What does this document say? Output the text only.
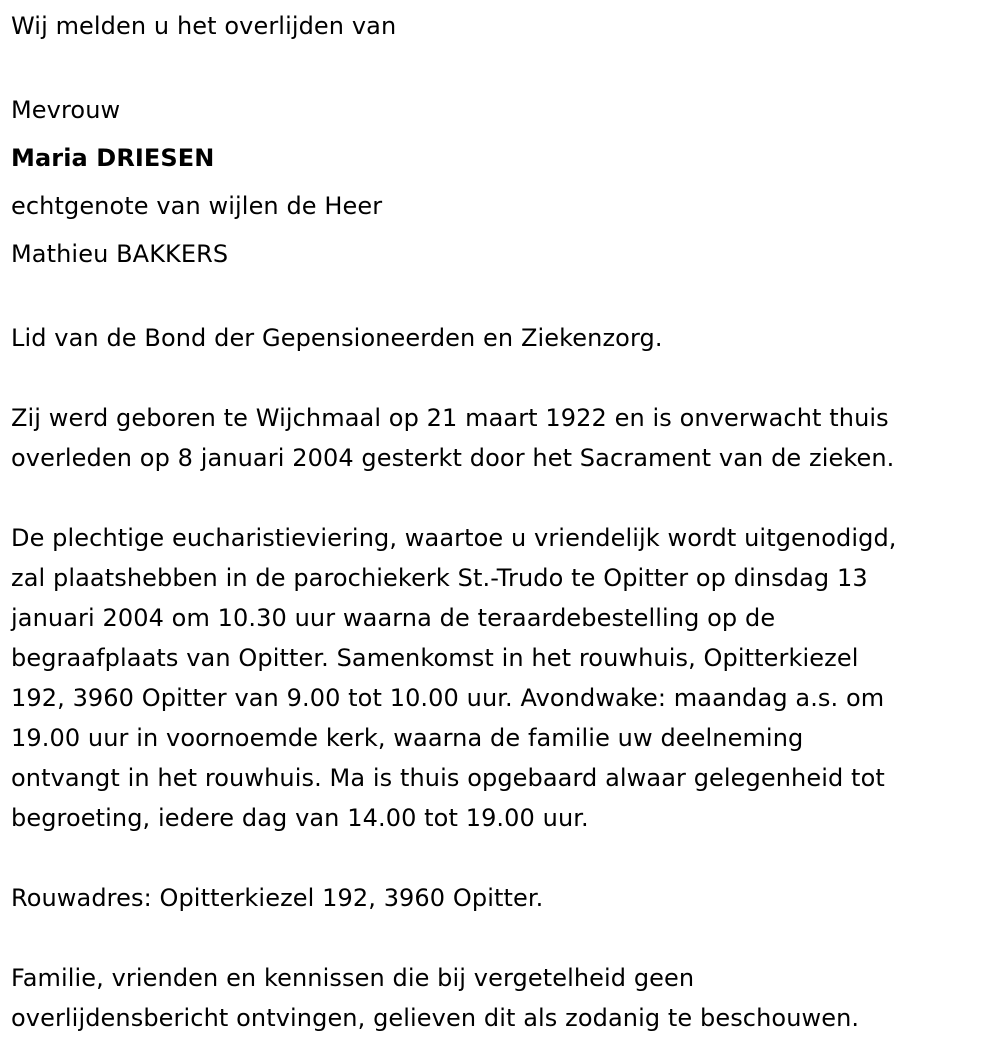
Wij melden u het overlijden van
Mevrouw
Maria DRIESEN
echtgenote van wijlen de Heer
Mathieu BAKKERS
Lid van de Bond der Gepensioneerden en Ziekenzorg.
Zij werd geboren te Wijchmaal op 21 maart 1922 en is onverwacht thuis
overleden op 8 januari 2004 gesterkt door het Sacrament van de zieken.
De plechtige eucharistieviering, waartoe u vriendelijk wordt uitgenodigd,
zal plaatshebben in de parochiekerk St.-Trudo te Opitter op dinsdag 13
januari 2004 om 10.30 uur waarna de teraardebestelling op de
begraafplaats van Opitter. Samenkomst in het rouwhuis, Opitterkiezel
192, 3960 Opitter van 9.00 tot 10.00 uur. Avondwake: maandag a.s. om
19.00 uur in voornoemde kerk, waarna de familie uw deelneming
ontvangt in het rouwhuis. Ma is thuis opgebaard alwaar gelegenheid tot
begroeting, iedere dag van 14.00 tot 19.00 uur.
Rouwadres: Opitterkiezel 192, 3960 Opitter.
Familie, vrienden en kennissen die bij vergetelheid geen
overlijdensbericht ontvingen, gelieven dit als zodanig te beschouwen.
